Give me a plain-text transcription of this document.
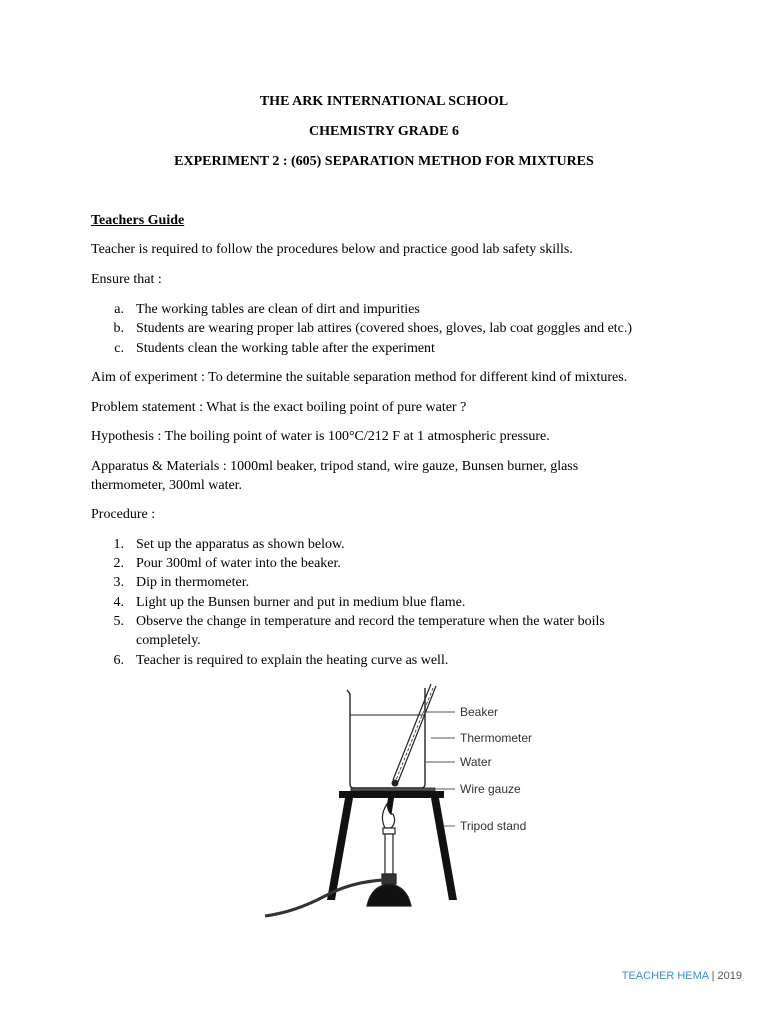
THE ARK INTERNATIONAL SCHOOL
CHEMISTRY GRADE 6
EXPERIMENT 2 : (605) SEPARATION METHOD FOR MIXTURES
Teachers Guide
Teacher is required to follow the procedures below and practice good lab safety skills.
Ensure that :
a. The working tables are clean of dirt and impurities
b. Students are wearing proper lab attires (covered shoes, gloves, lab coat goggles and etc.)
c. Students clean the working table after the experiment
Aim of experiment : To determine the suitable separation method for different kind of mixtures.
Problem statement : What is the exact boiling point of pure water ?
Hypothesis : The boiling point of water is 100°C/212 F at 1 atmospheric pressure.
Apparatus & Materials : 1000ml beaker, tripod stand, wire gauze, Bunsen burner, glass
thermometer, 300ml water.
Procedure :
1. Set up the apparatus as shown below.
2. Pour 300ml of water into the beaker.
3. Dip in thermometer.
4. Light up the Bunsen burner and put in medium blue flame.
5. Observe the change in temperature and record the temperature when the water boils
completely.
6. Teacher is required to explain the heating curve as well.
Beaker
Thermometer
Water
Wire gauze
Tripod stand
TEACHER HEMA | 2019
